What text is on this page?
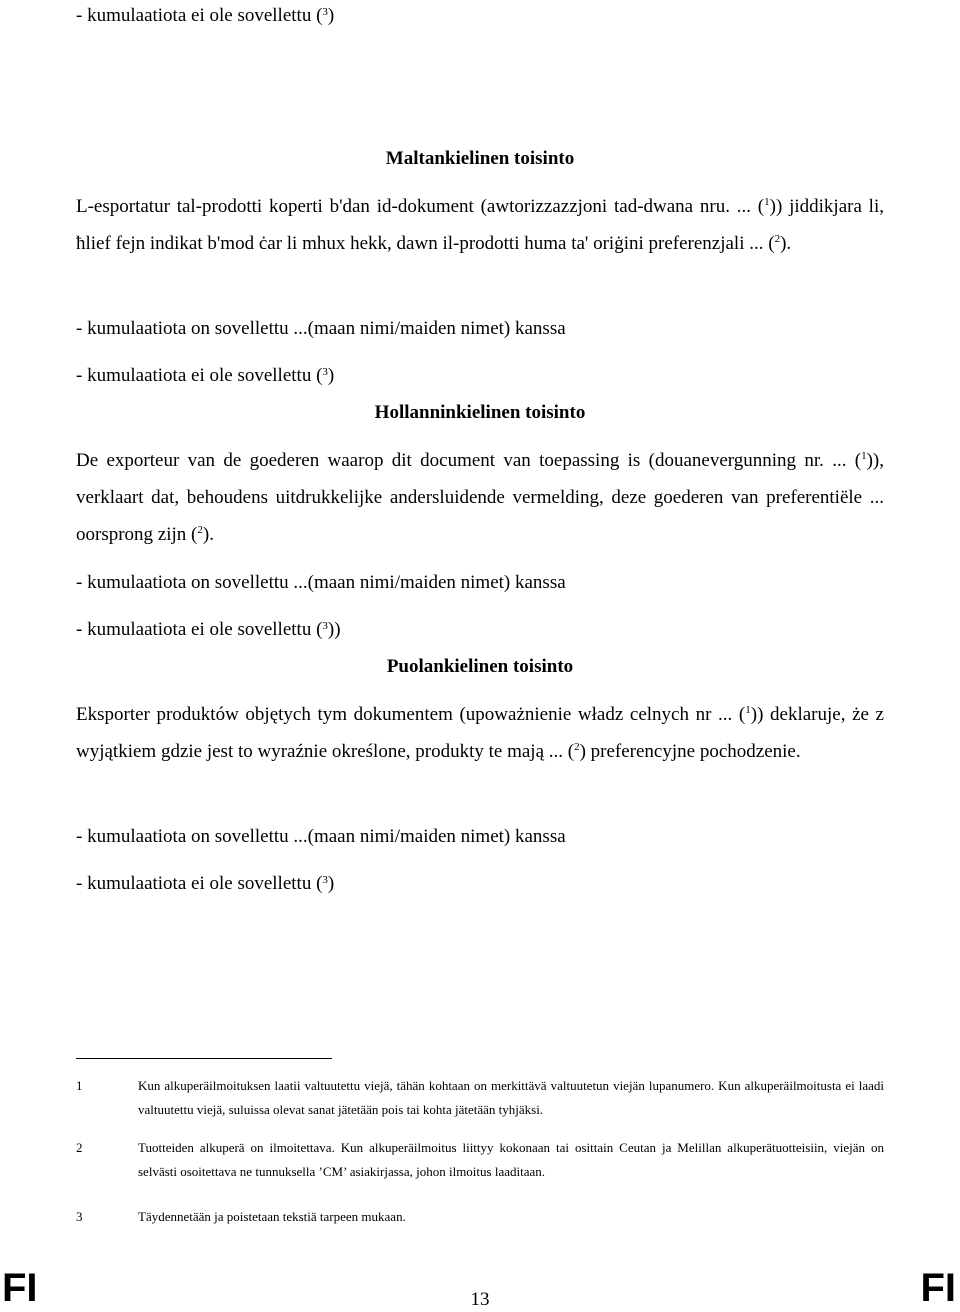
- kumulaatiota ei ole sovellettu ($^3$)
Maltankielinen toisinto
L-esportatur tal-prodotti koperti b'dan id-dokument (awtorizzazzjoni tad-dwana nru. ... ($^1$)) jiddikjara li, ħlief fejn indikat b'mod ċar li mhux hekk, dawn il-prodotti huma ta' oriġini preferenzjali ... ($^2$).
- kumulaatiota on sovellettu ...(maan nimi/maiden nimet) kanssa
- kumulaatiota ei ole sovellettu ($^3$)
Hollanninkielinen toisinto
De exporteur van de goederen waarop dit document van toepassing is (douanevergunning nr. ... ($^1$)), verklaart dat, behoudens uitdrukkelijke andersluidende vermelding, deze goederen van preferentiële ... oorsprong zijn ($^2$).
- kumulaatiota on sovellettu ...(maan nimi/maiden nimet) kanssa
- kumulaatiota ei ole sovellettu ($^3$))
Puolankielinen toisinto
Eksporter produktów objętych tym dokumentem (upoważnienie władz celnych nr ... ($^1$)) deklaruje, że z wyjątkiem gdzie jest to wyraźnie określone, produkty te mają ... ($^2$) preferencyjne pochodzenie.
- kumulaatiota on sovellettu ...(maan nimi/maiden nimet) kanssa
- kumulaatiota ei ole sovellettu ($^3$)
1	Kun alkuperäilmoituksen laatii valtuutettu viejä, tähän kohtaan on merkittävä valtuutetun viejän lupanumero. Kun alkuperäilmoitusta ei laadi valtuutettu viejä, suluissa olevat sanat jätetään pois tai kohta jätetään tyhjäksi.
2	Tuotteiden alkuperä on ilmoitettava. Kun alkuperäilmoitus liittyy kokonaan tai osittain Ceutan ja Melillan alkuperätuotteisiin, viejän on selvästi osoitettava ne tunnuksella ’CM’ asiakirjassa, johon ilmoitus laaditaan.
3	Täydennetään ja poistetaan tekstiä tarpeen mukaan.
FI	13	FI
